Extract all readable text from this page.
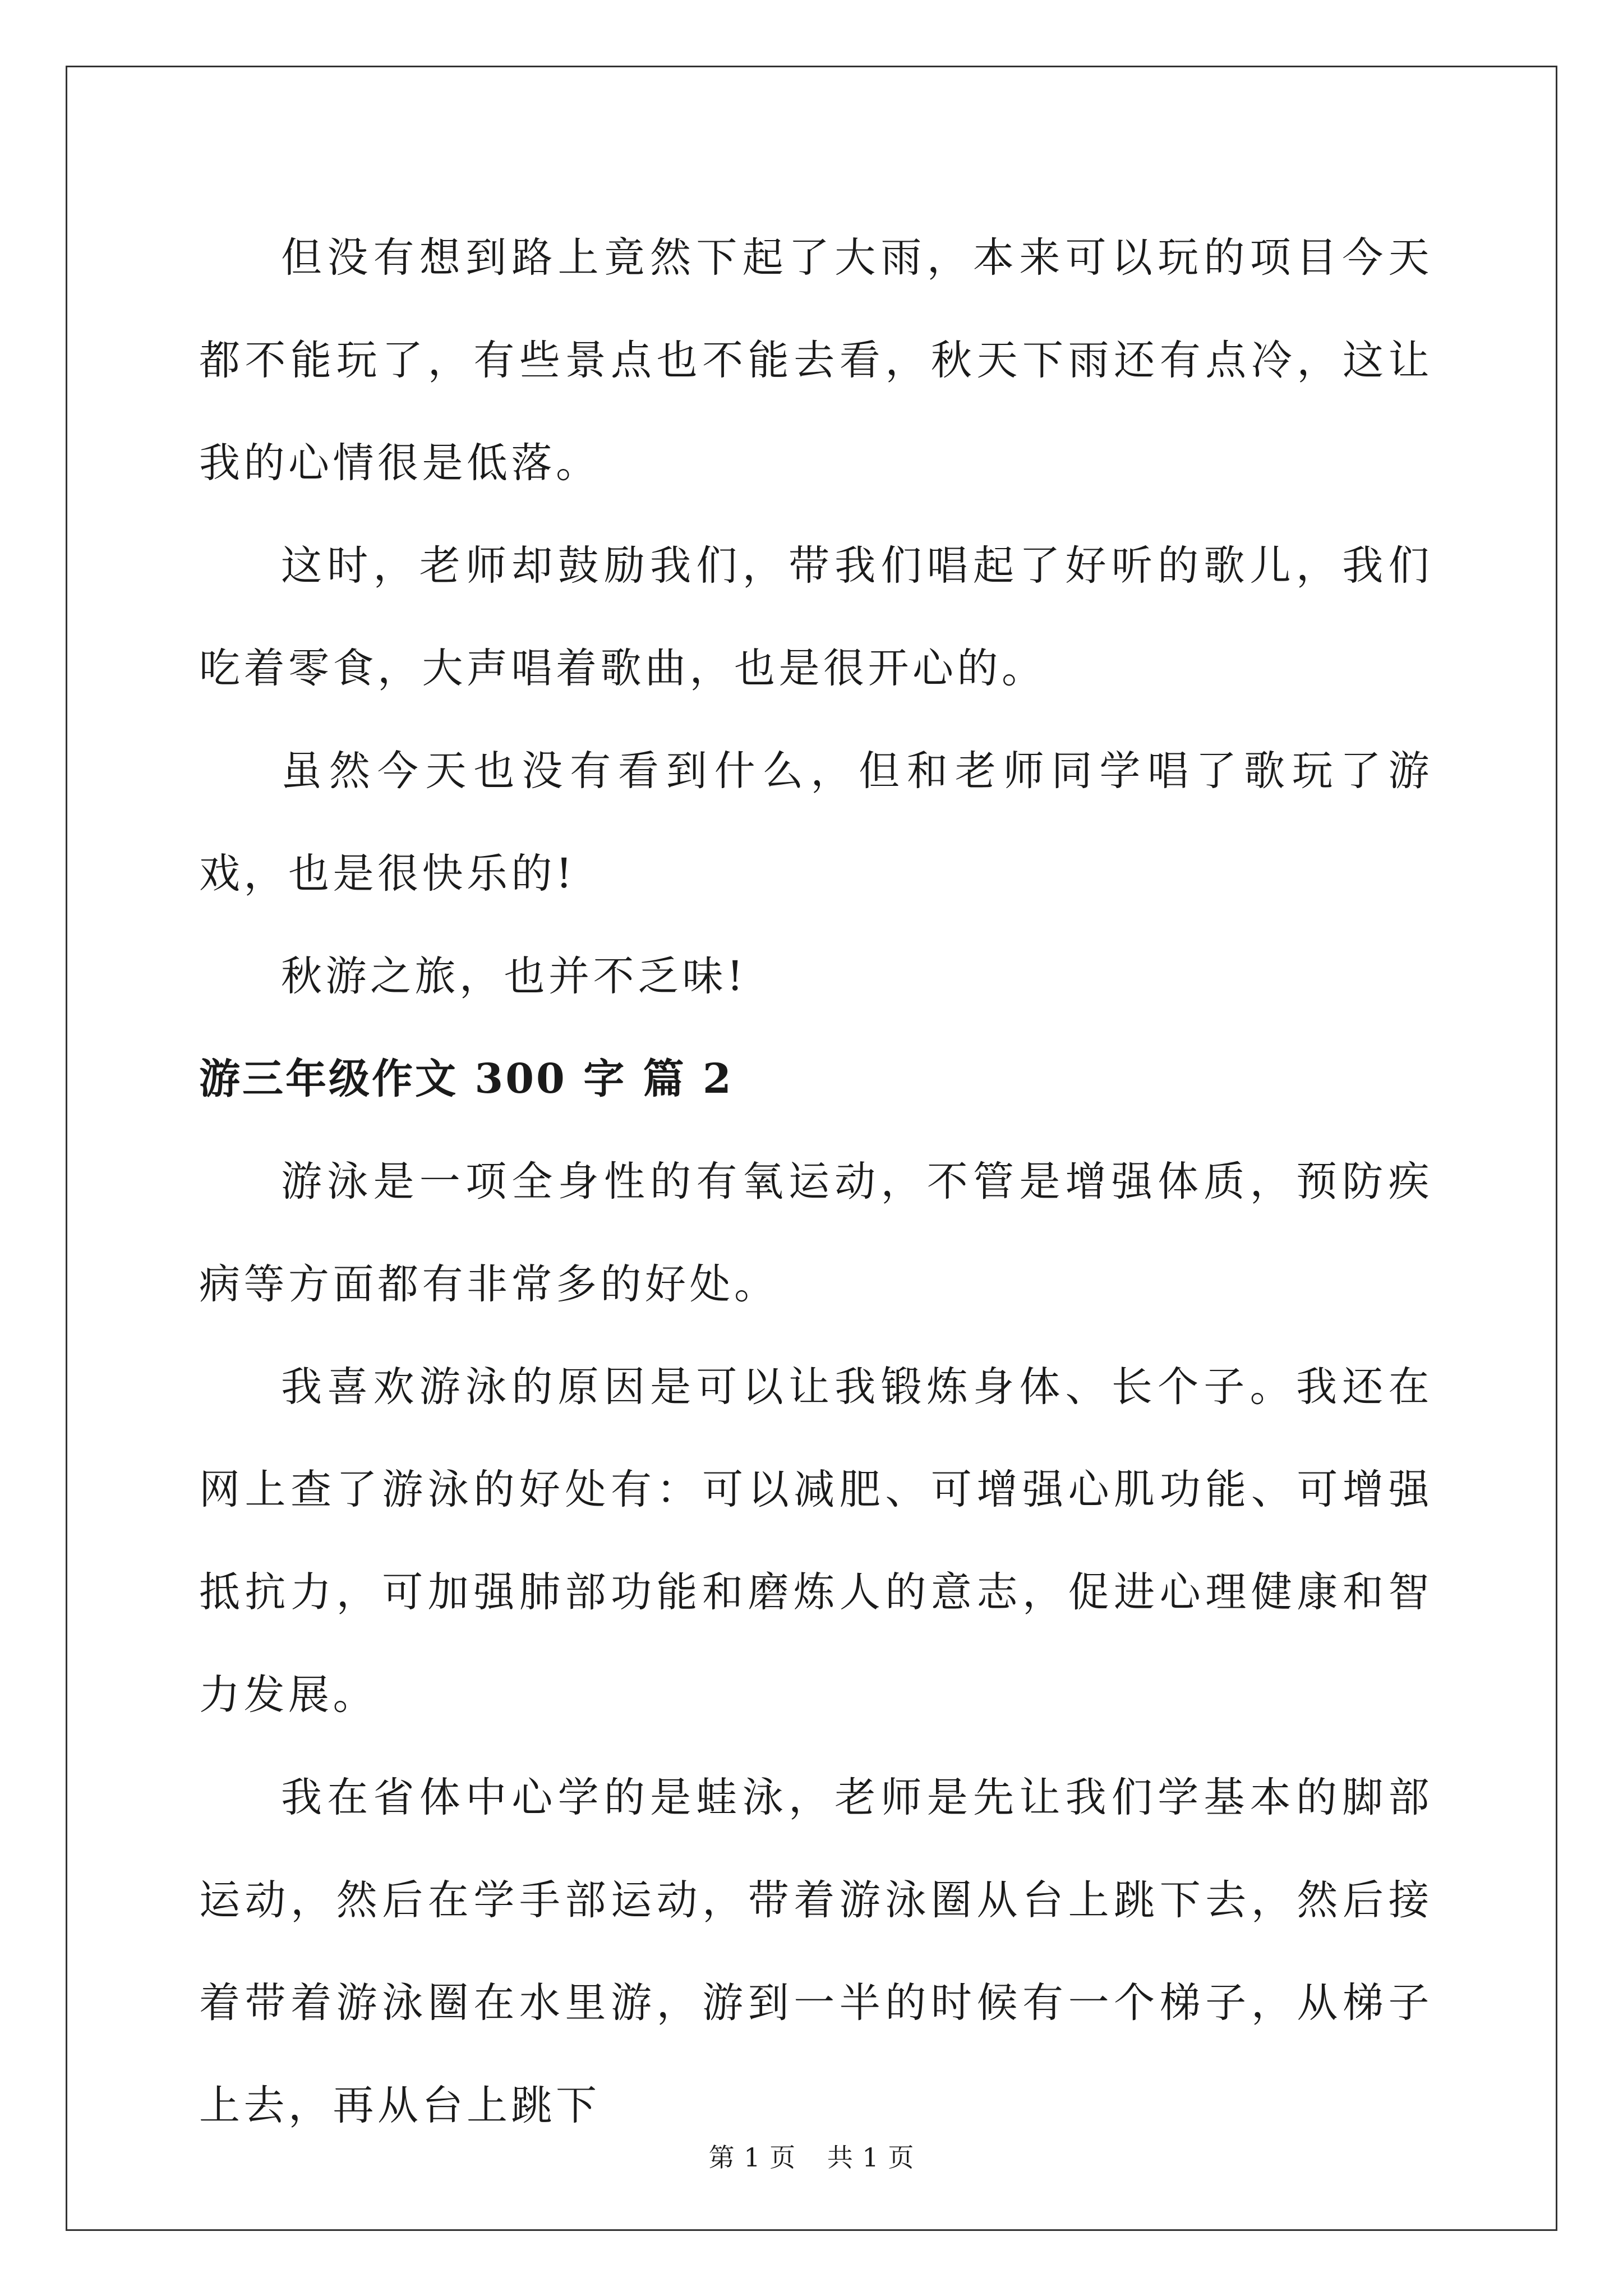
但没有想到路上竟然下起了大雨，本来可以玩的项目今天都不能玩了，有些景点也不能去看，秋天下雨还有点冷，这让我的心情很是低落。

这时，老师却鼓励我们，带我们唱起了好听的歌儿，我们吃着零食，大声唱着歌曲，也是很开心的。

虽然今天也没有看到什么，但和老师同学唱了歌玩了游戏，也是很快乐的!

秋游之旅，也并不乏味!

游三年级作文 300 字 篇 2

游泳是一项全身性的有氧运动，不管是增强体质，预防疾病等方面都有非常多的好处。

我喜欢游泳的原因是可以让我锻炼身体、长个子。我还在网上查了游泳的好处有：可以减肥、可增强心肌功能、可增强抵抗力，可加强肺部功能和磨炼人的意志，促进心理健康和智力发展。

我在省体中心学的是蛙泳，老师是先让我们学基本的脚部运动，然后在学手部运动，带着游泳圈从台上跳下去，然后接着带着游泳圈在水里游，游到一半的时候有一个梯子，从梯子上去，再从台上跳下

第 1 页 共 1 页
